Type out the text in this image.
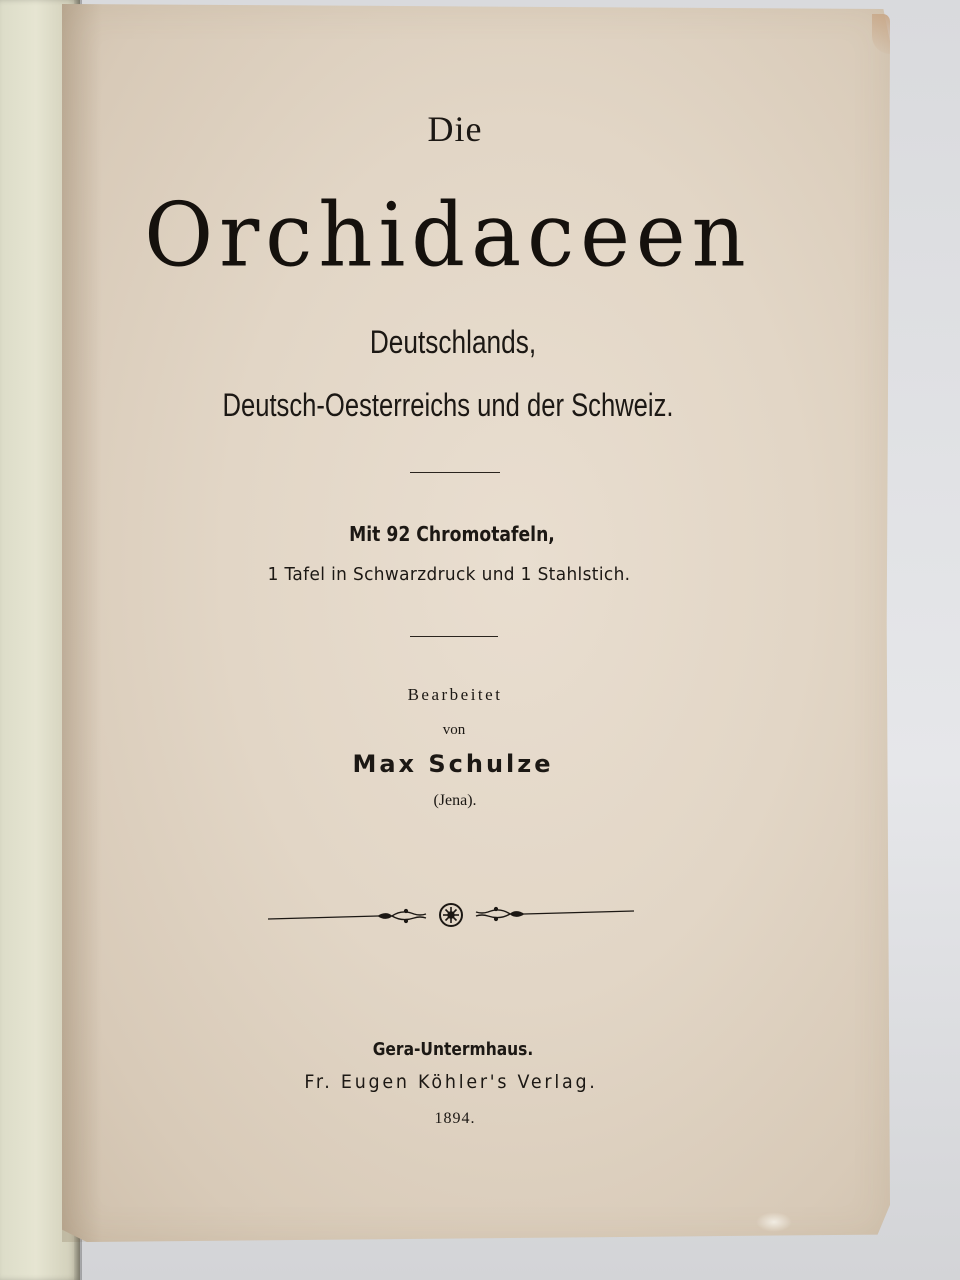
Die
Orchidaceen
Deutschlands,
Deutsch-Oesterreichs und der Schweiz.
Mit 92 Chromotafeln,
1 Tafel in Schwarzdruck und 1 Stahlstich.
Bearbeitet
von
Max Schulze
(Jena).
Gera-Untermhaus.
Fr. Eugen Köhler's Verlag.
1894.
